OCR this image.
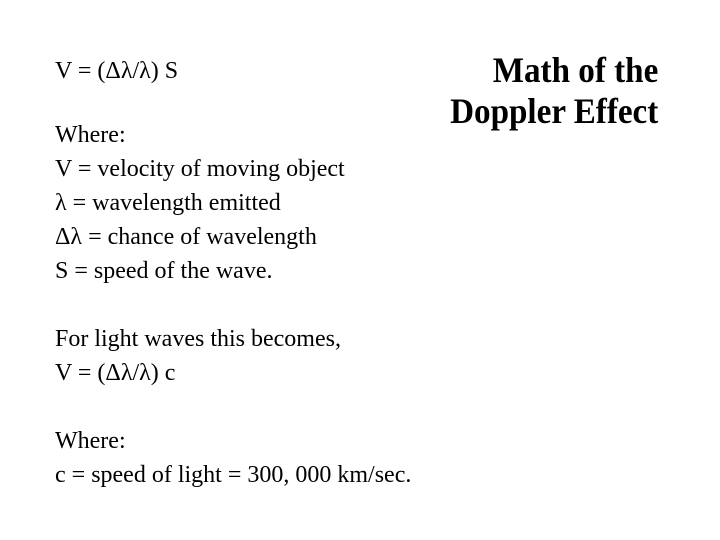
V = (Δλ/λ) S	Math of the
Doppler Effect
Where:
V = velocity of moving object
λ = wavelength emitted
Δλ = chance of wavelength
S = speed of the wave.
For light waves this becomes,
V = (Δλ/λ) c
Where:
c = speed of light = 300, 000 km/sec.
